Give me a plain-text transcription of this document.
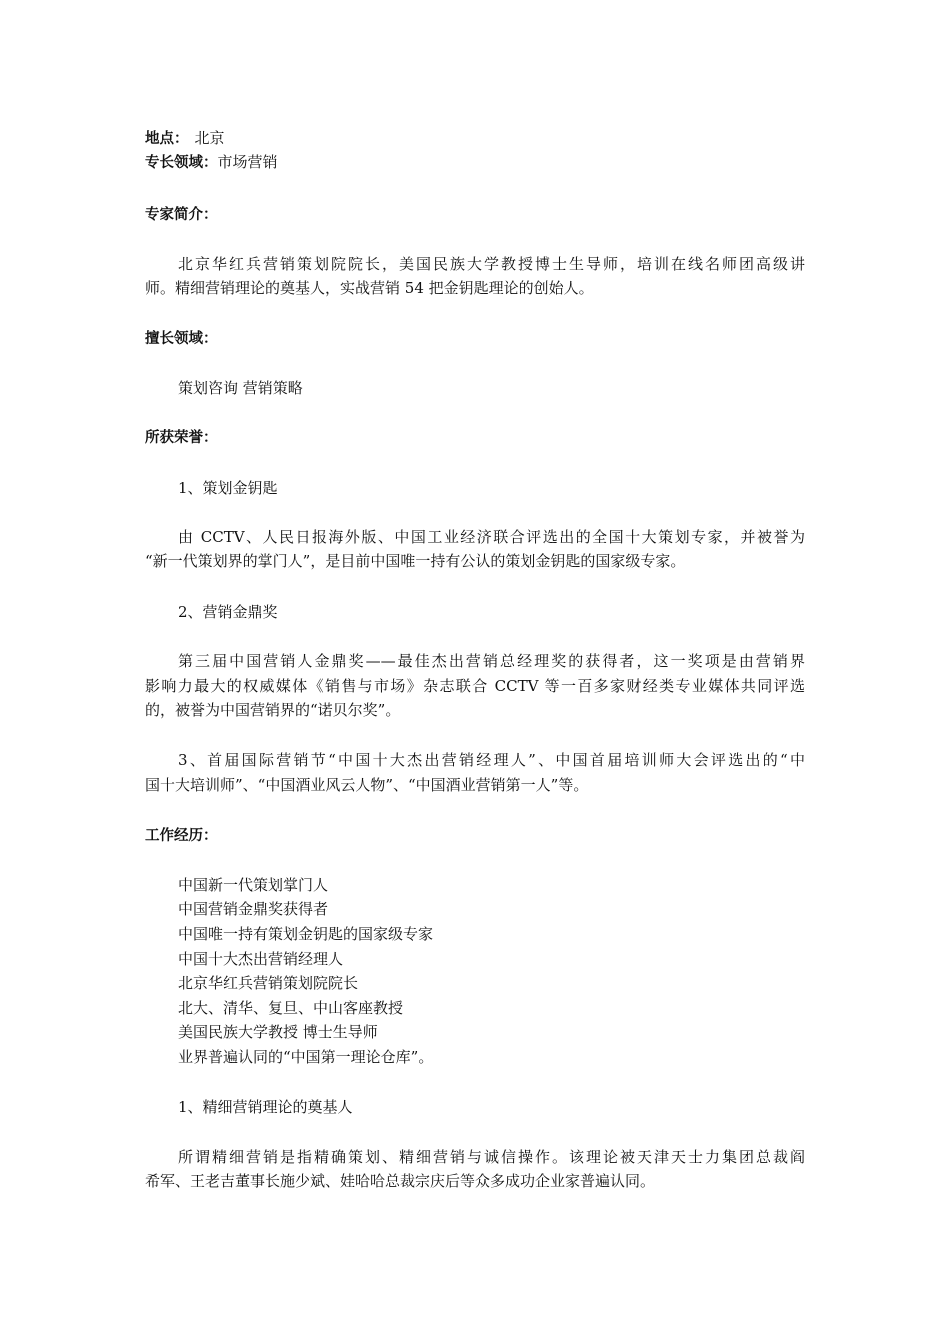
地点： 北京
专长领域：市场营销
专家简介：
北京华红兵营销策划院院长，美国民族大学教授博士生导师，培训在线名师团高级讲
师。精细营销理论的奠基人，实战营销 54 把金钥匙理论的创始人。
擅长领域：
策划咨询 营销策略
所获荣誉：
1、策划金钥匙
由 CCTV、人民日报海外版、中国工业经济联合评选出的全国十大策划专家，并被誉为
“新一代策划界的掌门人”，是目前中国唯一持有公认的策划金钥匙的国家级专家。
2、营销金鼎奖
第三届中国营销人金鼎奖——最佳杰出营销总经理奖的获得者，这一奖项是由营销界
影响力最大的权威媒体《销售与市场》杂志联合 CCTV 等一百多家财经类专业媒体共同评选
的，被誉为中国营销界的“诺贝尔奖”。
3、首届国际营销节“中国十大杰出营销经理人”、中国首届培训师大会评选出的“中
国十大培训师”、“中国酒业风云人物”、“中国酒业营销第一人”等。
工作经历：
中国新一代策划掌门人
中国营销金鼎奖获得者
中国唯一持有策划金钥匙的国家级专家
中国十大杰出营销经理人
北京华红兵营销策划院院长
北大、清华、复旦、中山客座教授
美国民族大学教授 博士生导师
业界普遍认同的“中国第一理论仓库”。
1、精细营销理论的奠基人
所谓精细营销是指精确策划、精细营销与诚信操作。该理论被天津天士力集团总裁阎
希军、王老吉董事长施少斌、娃哈哈总裁宗庆后等众多成功企业家普遍认同。
